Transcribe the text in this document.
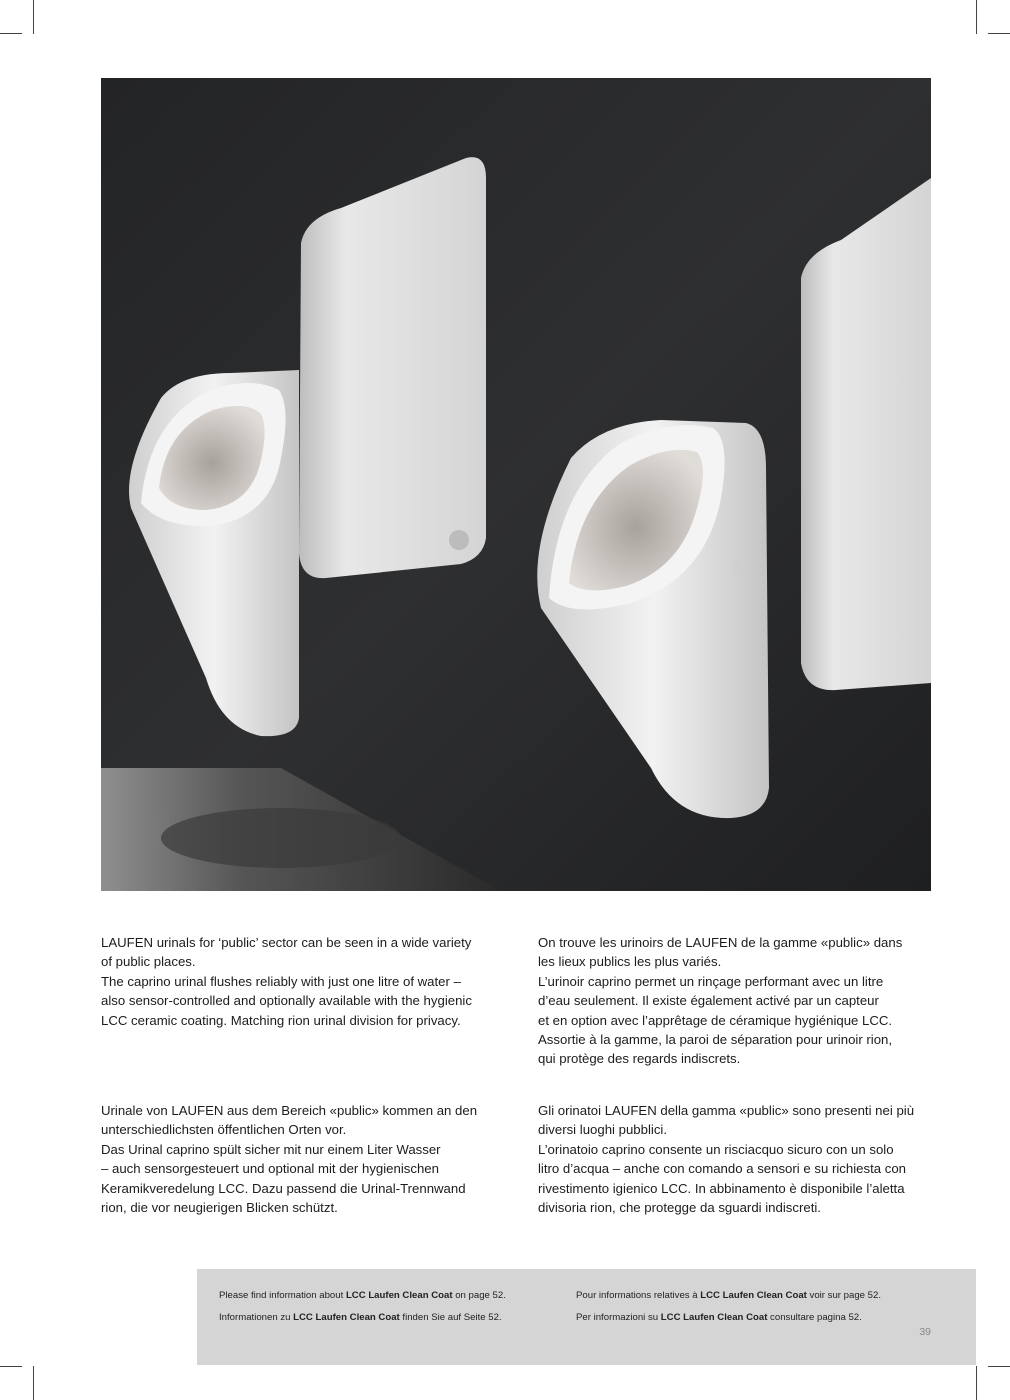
LAUFEN urinals for ‘public’ sector can be seen in a wide variety

of public places.

The caprino urinal flushes reliably with just one litre of water –

also sensor-controlled and optionally available with the hygienic

LCC ceramic coating. Matching rion urinal division for privacy.

On trouve les urinoirs de LAUFEN de la gamme «public» dans

les lieux publics les plus variés.

L’urinoir caprino permet un rinçage performant avec un litre

d’eau seulement. Il existe également activé par un capteur

et en option avec l’apprêtage de céramique hygiénique LCC.

Assortie à la gamme, la paroi de séparation pour urinoir rion,

qui protège des regards indiscrets.

Urinale von LAUFEN aus dem Bereich «public» kommen an den

unterschiedlichsten öffentlichen Orten vor.

Das Urinal caprino spült sicher mit nur einem Liter Wasser

– auch sensorgesteuert und optional mit der hygienischen

Keramikveredelung LCC. Dazu passend die Urinal-Trennwand

rion, die vor neugierigen Blicken schützt.

Gli orinatoi LAUFEN della gamma «public» sono presenti nei più

diversi luoghi pubblici.

L’orinatoio caprino consente un risciacquo sicuro con un solo

litro d’acqua – anche con comando a sensori e su richiesta con

rivestimento igienico LCC. In abbinamento è disponibile l’aletta

divisoria rion, che protegge da sguardi indiscreti.

Please find information about LCC Laufen Clean Coat on page 52.
Informationen zu LCC Laufen Clean Coat finden Sie auf Seite 52.
Pour informations relatives à LCC Laufen Clean Coat voir sur page 52.
Per informazioni su LCC Laufen Clean Coat consultare pagina 52.
39
